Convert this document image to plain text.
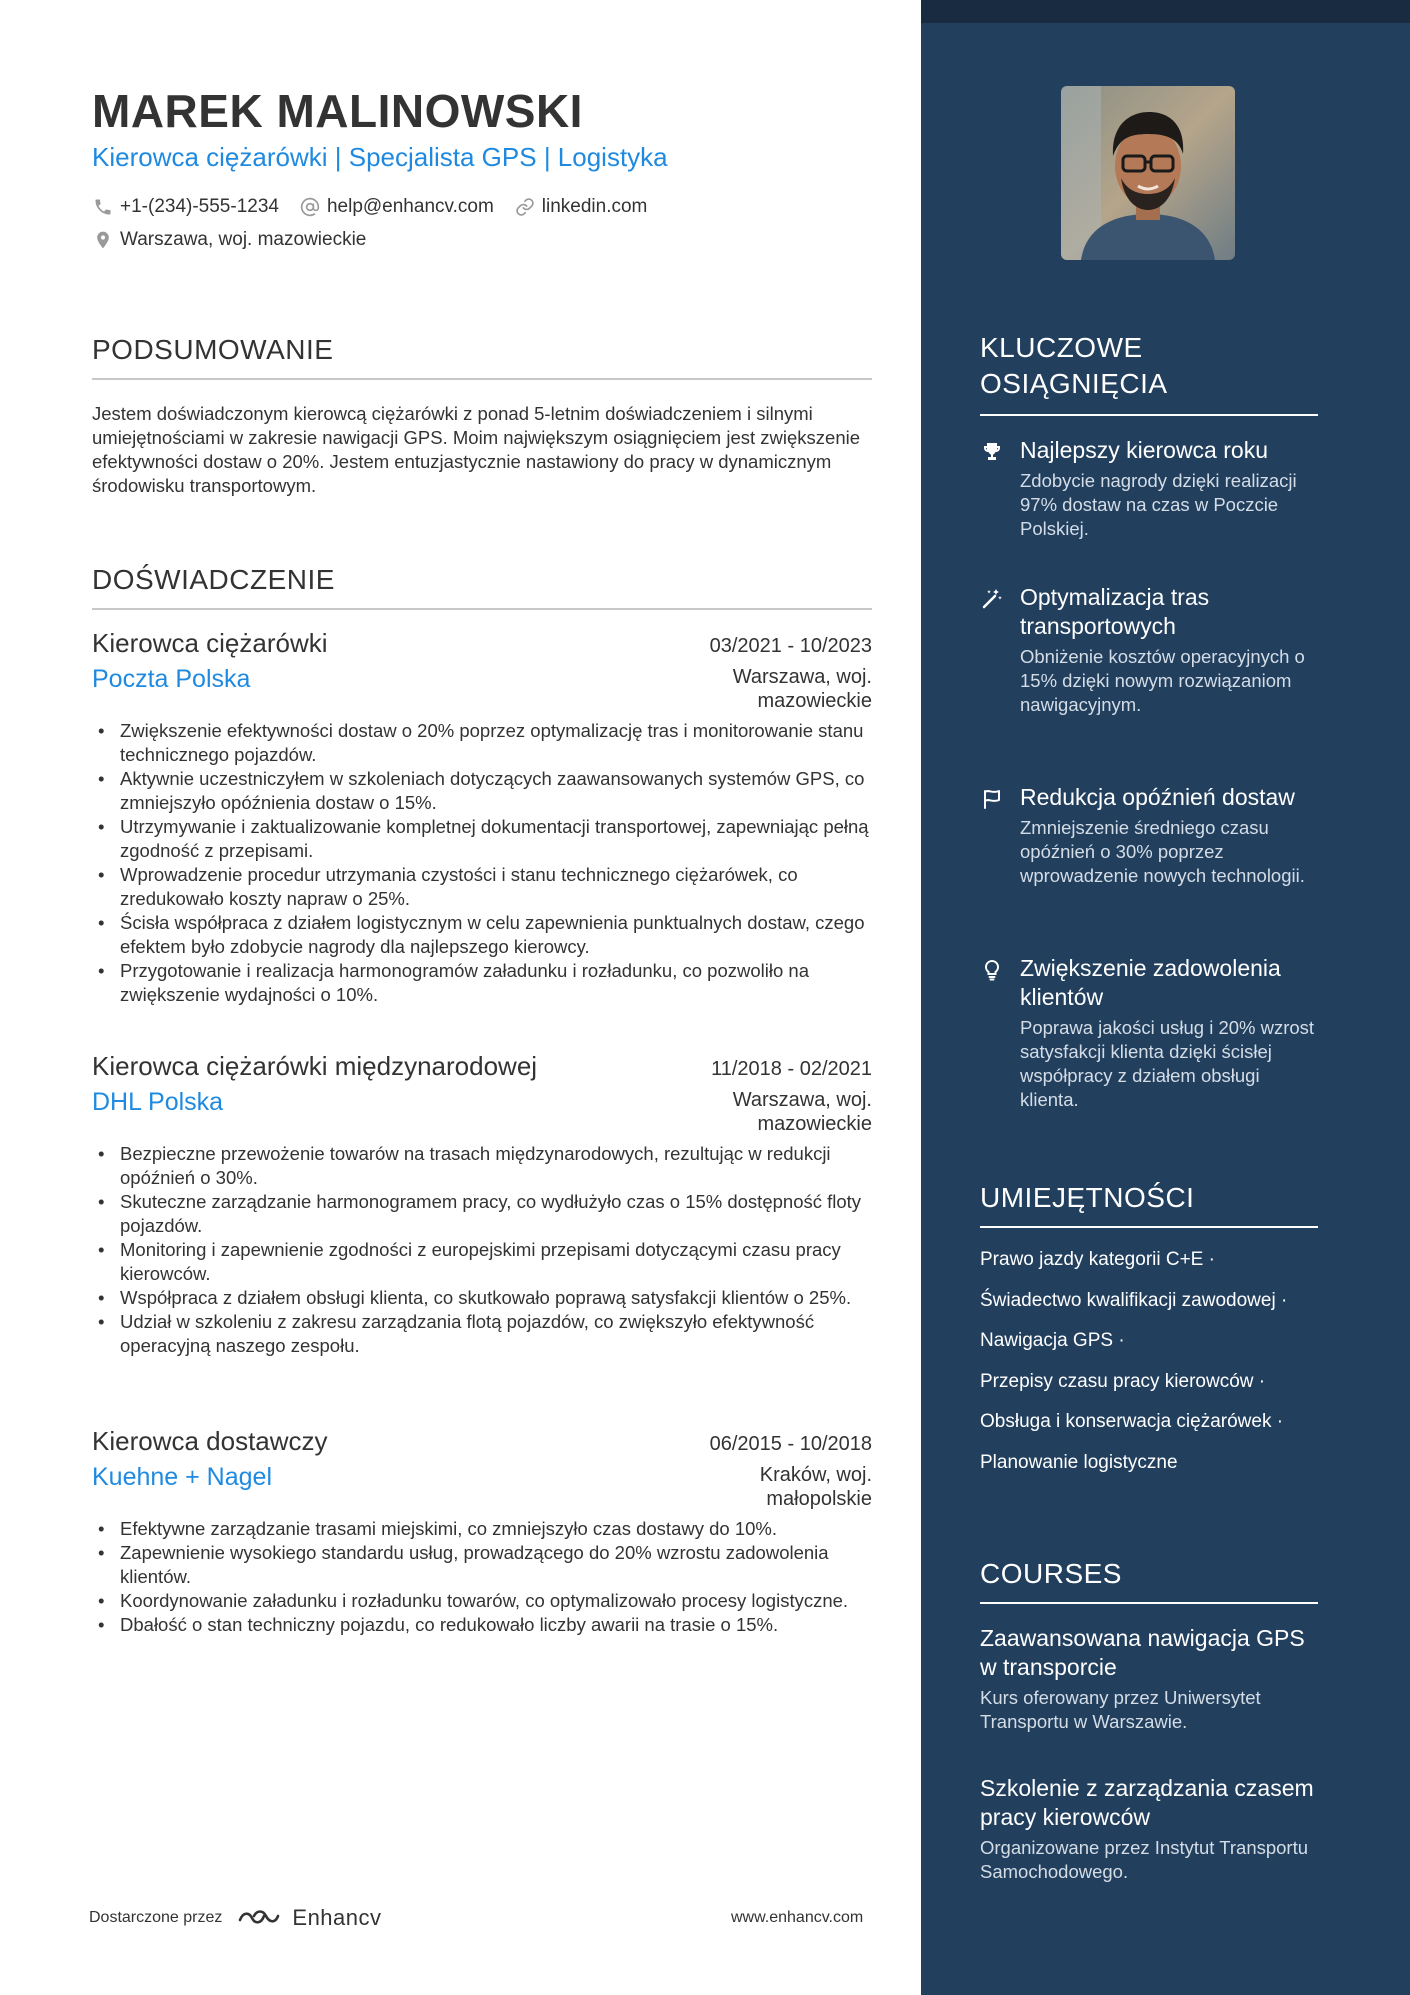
MAREK MALINOWSKI
Kierowca ciężarówki | Specjalista GPS | Logistyka
+1-(234)-555-1234	help@enhancv.com	linkedin.com
Warszawa, woj. mazowieckie
PODSUMOWANIE
Jestem doświadczonym kierowcą ciężarówki z ponad 5-letnim doświadczeniem i silnymi umiejętnościami w zakresie nawigacji GPS. Moim największym osiągnięciem jest zwiększenie efektywności dostaw o 20%. Jestem entuzjastycznie nastawiony do pracy w dynamicznym środowisku transportowym.
DOŚWIADCZENIE
Kierowca ciężarówki	03/2021 - 10/2023
Poczta Polska	Warszawa, woj. mazowieckie
• Zwiększenie efektywności dostaw o 20% poprzez optymalizację tras i monitorowanie stanu technicznego pojazdów.
• Aktywnie uczestniczyłem w szkoleniach dotyczących zaawansowanych systemów GPS, co zmniejszyło opóźnienia dostaw o 15%.
• Utrzymywanie i zaktualizowanie kompletnej dokumentacji transportowej, zapewniając pełną zgodność z przepisami.
• Wprowadzenie procedur utrzymania czystości i stanu technicznego ciężarówek, co zredukowało koszty napraw o 25%.
• Ścisła współpraca z działem logistycznym w celu zapewnienia punktualnych dostaw, czego efektem było zdobycie nagrody dla najlepszego kierowcy.
• Przygotowanie i realizacja harmonogramów załadunku i rozładunku, co pozwoliło na zwiększenie wydajności o 10%.
Kierowca ciężarówki międzynarodowej	11/2018 - 02/2021
DHL Polska	Warszawa, woj. mazowieckie
• Bezpieczne przewożenie towarów na trasach międzynarodowych, rezultując w redukcji opóźnień o 30%.
• Skuteczne zarządzanie harmonogramem pracy, co wydłużyło czas o 15% dostępność floty pojazdów.
• Monitoring i zapewnienie zgodności z europejskimi przepisami dotyczącymi czasu pracy kierowców.
• Współpraca z działem obsługi klienta, co skutkowało poprawą satysfakcji klientów o 25%.
• Udział w szkoleniu z zakresu zarządzania flotą pojazdów, co zwiększyło efektywność operacyjną naszego zespołu.
Kierowca dostawczy	06/2015 - 10/2018
Kuehne + Nagel	Kraków, woj. małopolskie
• Efektywne zarządzanie trasami miejskimi, co zmniejszyło czas dostawy do 10%.
• Zapewnienie wysokiego standardu usług, prowadzącego do 20% wzrostu zadowolenia klientów.
• Koordynowanie załadunku i rozładunku towarów, co optymalizowało procesy logistyczne.
• Dbałość o stan techniczny pojazdu, co redukowało liczby awarii na trasie o 15%.
KLUCZOWE OSIĄGNIĘCIA
Najlepszy kierowca roku
Zdobycie nagrody dzięki realizacji 97% dostaw na czas w Poczcie Polskiej.
Optymalizacja tras transportowych
Obniżenie kosztów operacyjnych o 15% dzięki nowym rozwiązaniom nawigacyjnym.
Redukcja opóźnień dostaw
Zmniejszenie średniego czasu opóźnień o 30% poprzez wprowadzenie nowych technologii.
Zwiększenie zadowolenia klientów
Poprawa jakości usług i 20% wzrost satysfakcji klienta dzięki ścisłej współpracy z działem obsługi klienta.
UMIEJĘTNOŚCI
Prawo jazdy kategorii C+E ·
Świadectwo kwalifikacji zawodowej ·
Nawigacja GPS ·
Przepisy czasu pracy kierowców ·
Obsługa i konserwacja ciężarówek ·
Planowanie logistyczne
COURSES
Zaawansowana nawigacja GPS w transporcie
Kurs oferowany przez Uniwersytet Transportu w Warszawie.
Szkolenie z zarządzania czasem pracy kierowców
Organizowane przez Instytut Transportu Samochodowego.
Dostarczone przez	Enhancv	www.enhancv.com
